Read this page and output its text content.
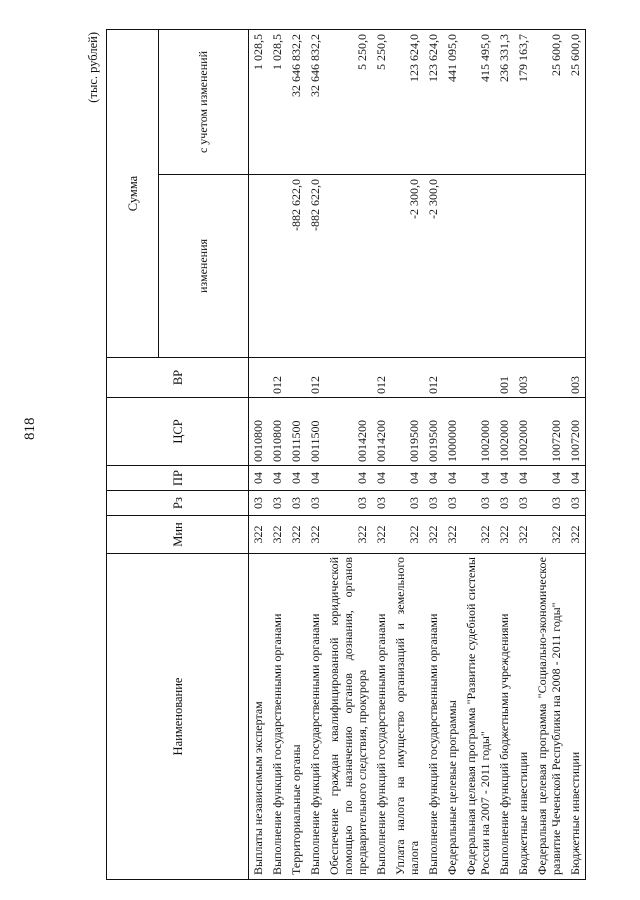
818
(тыс. рублей)
Наименование	Мин	Рз	ПР	ЦСР	ВР	Сумма	
						изменения	с учетом изменений
Выплаты независимым экспертам	322	03	04	0010800			1 028,5
Выполнение функций государственными органами	322	03	04	0010800	012		1 028,5
Территориальные органы	322	03	04	0011500		-882 622,0	32 646 832,2
Выполнение функций государственными органами	322	03	04	0011500	012	-882 622,0	32 646 832,2
Обеспечение граждан квалифицированной юридической помощью по назначению органов дознания, органов предварительного следствия, прокурора	322	03	04	0014200			5 250,0
Выполнение функций государственными органами	322	03	04	0014200	012		5 250,0
Уплата налога на имущество организаций и земельного налога	322	03	04	0019500		-2 300,0	123 624,0
Выполнение функций государственными органами	322	03	04	0019500	012	-2 300,0	123 624,0
Федеральные целевые программы	322	03	04	1000000			441 095,0
Федеральная целевая программа "Развитие судебной системы России на 2007 - 2011 годы"	322	03	04	1002000			415 495,0
Выполнение функций бюджетными учреждениями	322	03	04	1002000	001		236 331,3
Бюджетные инвестиции	322	03	04	1002000	003		179 163,7
Федеральная целевая программа "Социально-экономическое развитие Чеченской Республики на 2008 - 2011 годы"	322	03	04	1007200			25 600,0
Бюджетные инвестиции	322	03	04	1007200	003		25 600,0
